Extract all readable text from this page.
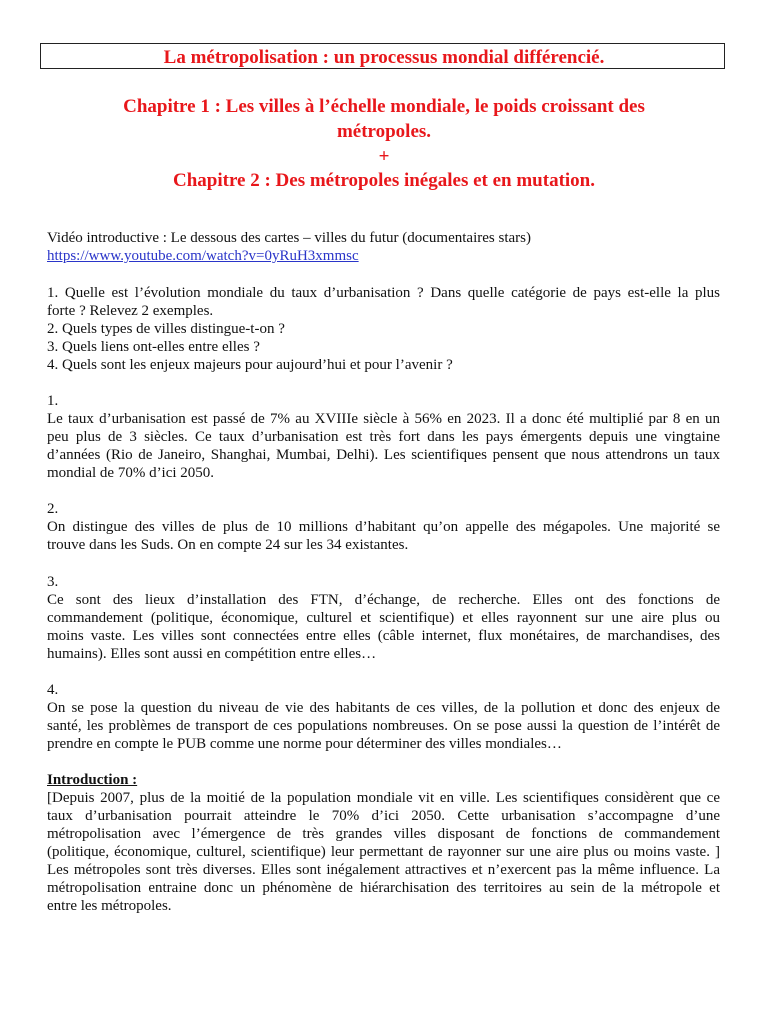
La métropolisation : un processus mondial différencié.
Chapitre 1 : Les villes à l’échelle mondiale, le poids croissant des
métropoles.
+
Chapitre 2 : Des métropoles inégales et en mutation.
Vidéo introductive : Le dessous des cartes – villes du futur (documentaires stars)
https://www.youtube.com/watch?v=0yRuH3xmmsc
1. Quelle est l’évolution mondiale du taux d’urbanisation ? Dans quelle catégorie de pays est-elle la plus
forte ? Relevez 2 exemples.
2. Quels types de villes distingue-t-on ?
3. Quels liens ont-elles entre elles ?
4. Quels sont les enjeux majeurs pour aujourd’hui et pour l’avenir ?
1.
Le taux d’urbanisation est passé de 7% au XVIIIe siècle à 56% en 2023. Il a donc été multiplié par 8 en un
peu plus de 3 siècles. Ce taux d’urbanisation est très fort dans les pays émergents depuis une vingtaine
d’années (Rio de Janeiro, Shanghai, Mumbai, Delhi). Les scientifiques pensent que nous attendrons un taux
mondial de 70% d’ici 2050.
2.
On distingue des villes de plus de 10 millions d’habitant qu’on appelle des mégapoles. Une majorité se
trouve dans les Suds. On en compte 24 sur les 34 existantes.
3.
Ce sont des lieux d’installation des FTN, d’échange, de recherche. Elles ont des fonctions de
commandement (politique, économique, culturel et scientifique) et elles rayonnent sur une aire plus ou
moins vaste. Les villes sont connectées entre elles (câble internet, flux monétaires, de marchandises, des
humains). Elles sont aussi en compétition entre elles…
4.
On se pose la question du niveau de vie des habitants de ces villes, de la pollution et donc des enjeux de
santé, les problèmes de transport de ces populations nombreuses. On se pose aussi la question de l’intérêt de
prendre en compte le PUB comme une norme pour déterminer des villes mondiales…
Introduction :
[Depuis 2007, plus de la moitié de la population mondiale vit en ville. Les scientifiques considèrent que ce
taux d’urbanisation pourrait atteindre le 70% d’ici 2050. Cette urbanisation s’accompagne d’une
métropolisation avec l’émergence de très grandes villes disposant de fonctions de commandement
(politique, économique, culturel, scientifique) leur permettant de rayonner sur une aire plus ou moins vaste. ]
Les métropoles sont très diverses. Elles sont inégalement attractives et n’exercent pas la même influence. La
métropolisation entraine donc un phénomène de hiérarchisation des territoires au sein de la métropole et
entre les métropoles.
